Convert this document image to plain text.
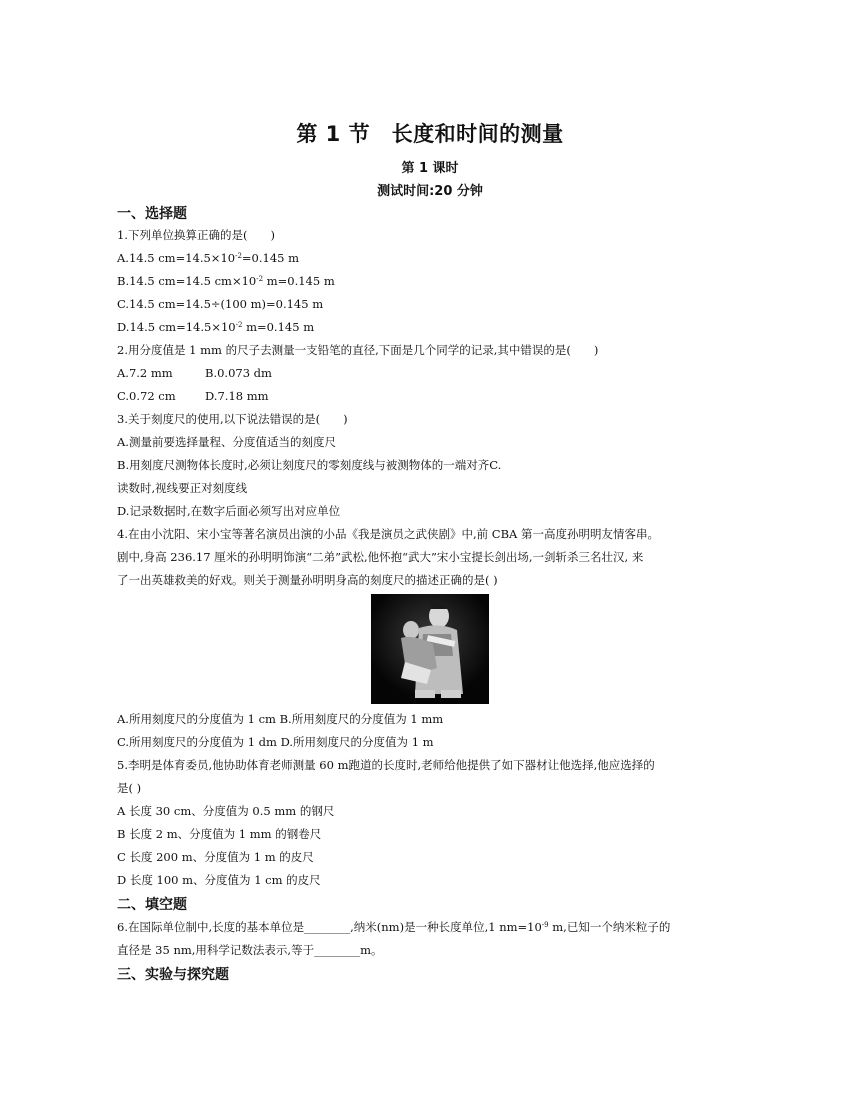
第 1 节　长度和时间的测量
第 1 课时
测试时间:20 分钟
一、选择题
1.下列单位换算正确的是(　　)
A.14.5 $cm=14.5\times 10^{-2}=0.145$ m
B.14.5 cm=14.5 $cm\times 10^{-2}$ m=0.145 m
C.14.5 cm=14.5÷(100 m)=0.145 m
D.14.5 $cm=14.5\times 10^{-2}$ m=0.145 m
2.用分度值是 1 mm 的尺子去测量一支铅笔的直径,下面是几个同学的记录,其中错误的是(　　)
A.7.2 mm	B.0.073 dm
C.0.72 cm	D.7.18 mm
3.关于刻度尺的使用,以下说法错误的是(　　)
A.测量前要选择量程、分度值适当的刻度尺
B.用刻度尺测物体长度时,必须让刻度尺的零刻度线与被测物体的一端对齐C.
读数时,视线要正对刻度线
D.记录数据时,在数字后面必须写出对应单位
4.在由小沈阳、宋小宝等著名演员出演的小品《我是演员之武侠剧》中,前 CBA 第一高度孙明明友情客串。
剧中,身高 236.17 厘米的孙明明饰演“二弟”武松,他怀抱“武大”宋小宝提长剑出场,一剑斩杀三名壮汉, 来
了一出英雄救美的好戏。则关于测量孙明明身高的刻度尺的描述正确的是( )
A.所用刻度尺的分度值为 1 cm B.所用刻度尺的分度值为 1 mm
C.所用刻度尺的分度值为 1 dm D.所用刻度尺的分度值为 1 m
5.李明是体育委员,他协助体育老师测量 60 m跑道的长度时,老师给他提供了如下器材让他选择,他应选择的
是( )
A 长度 30 cm、分度值为 0.5 mm 的钢尺
B 长度 2 m、分度值为 1 mm 的钢卷尺
C 长度 200 m、分度值为 1 m 的皮尺
D 长度 100 m、分度值为 1 cm 的皮尺
二、填空题
6.在国际单位制中,长度的基本单位是________,纳米(nm)是一种长度单位,1 $nm=10^{-9}$ m,已知一个纳米粒子的
直径是 35 nm,用科学记数法表示,等于________m。
三、实验与探究题
